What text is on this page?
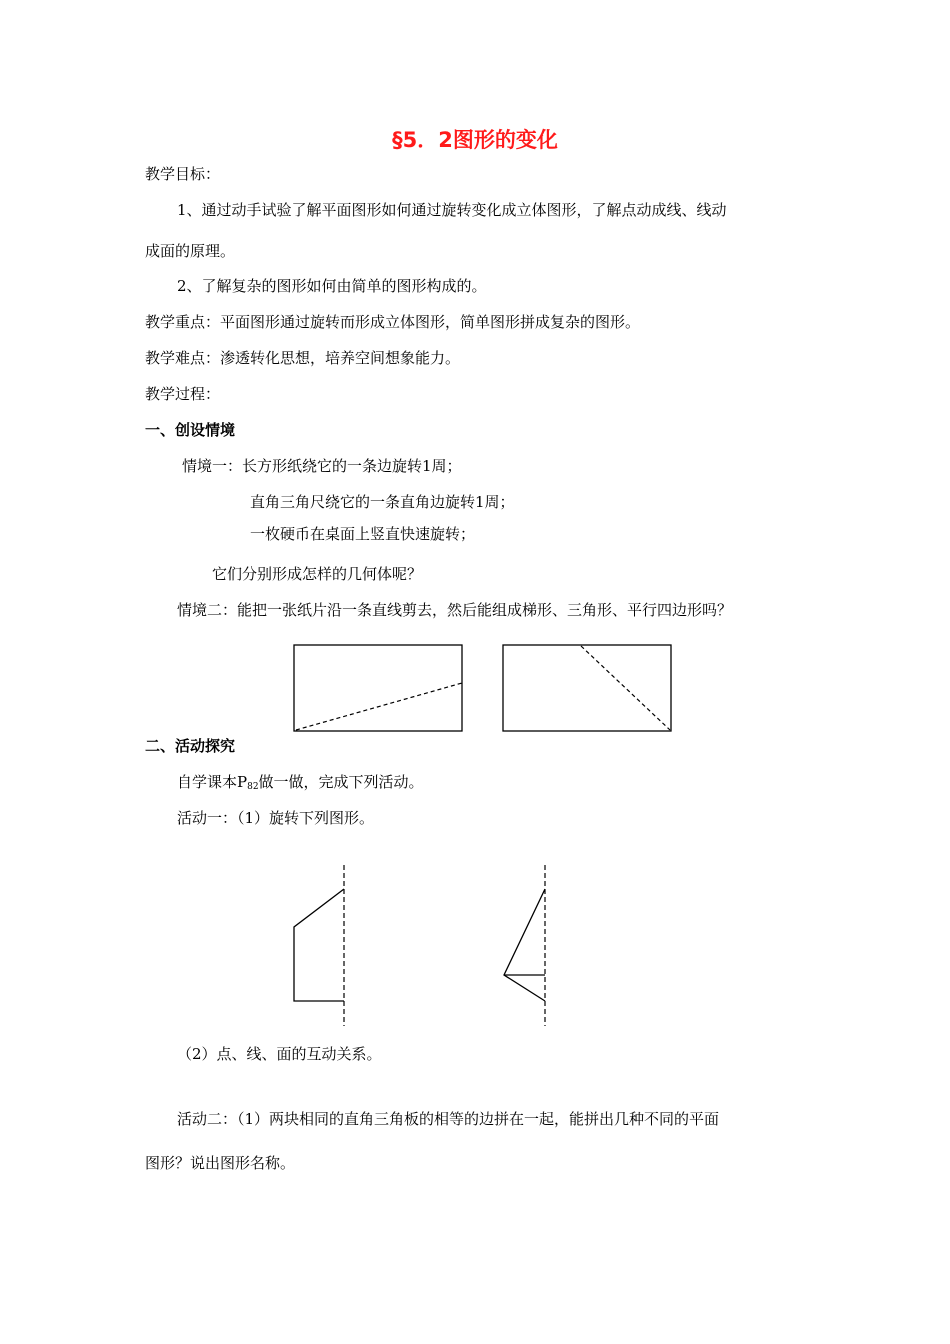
§5．2图形的变化
教学目标：
1、通过动手试验了解平面图形如何通过旋转变化成立体图形，了解点动成线、线动
成面的原理。
2、了解复杂的图形如何由简单的图形构成的。
教学重点：平面图形通过旋转而形成立体图形，简单图形拼成复杂的图形。
教学难点：渗透转化思想，培养空间想象能力。
教学过程：
一、创设情境
情境一：长方形纸绕它的一条边旋转1周；
直角三角尺绕它的一条直角边旋转1周；
一枚硬币在桌面上竖直快速旋转；
它们分别形成怎样的几何体呢？
情境二：能把一张纸片沿一条直线剪去，然后能组成梯形、三角形、平行四边形吗？
二、活动探究
自学课本$P_{82}$做一做，完成下列活动。
活动一：（1）旋转下列图形。
（2）点、线、面的互动关系。
活动二：（1）两块相同的直角三角板的相等的边拼在一起，能拼出几种不同的平面
图形？说出图形名称。
